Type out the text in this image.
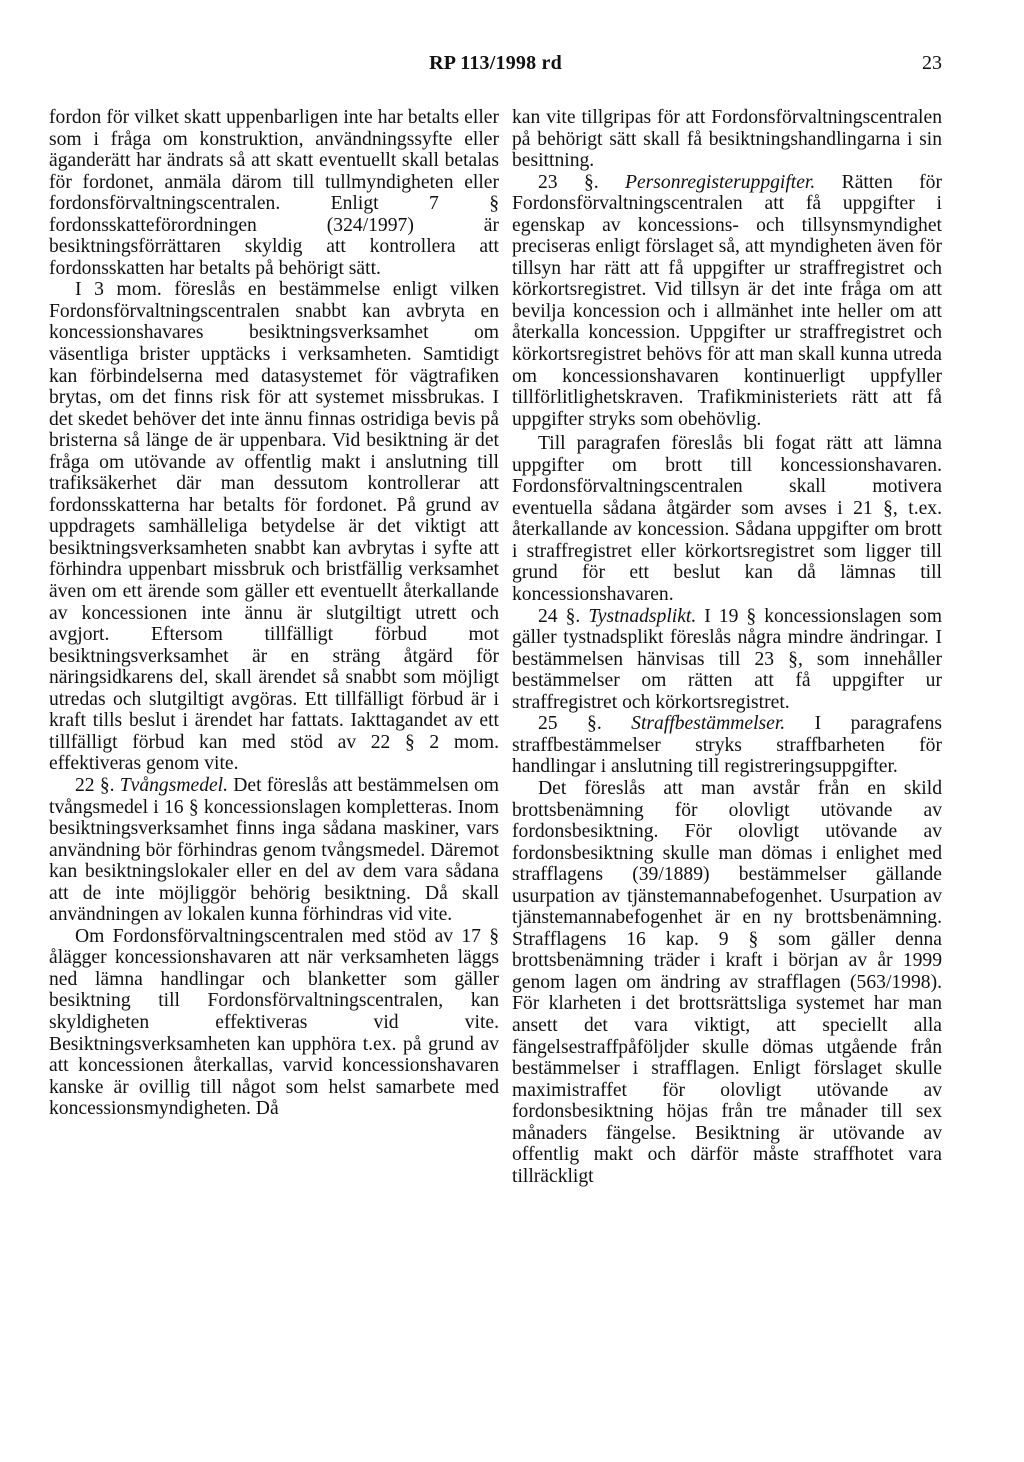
RP 113/1998 rd	23

fordon för vilket skatt uppenbarligen inte har betalts eller som i fråga om konstruktion, användningssyfte eller äganderätt har ändrats så att skatt eventuellt skall betalas för fordonet, anmäla därom till tullmyndigheten eller fordonsförvaltningscentralen. Enligt 7 § fordonsskatteförordningen (324/1997) är besiktningsförrättaren skyldig att kontrollera att fordonsskatten har betalts på behörigt sätt.

I 3 mom. föreslås en bestämmelse enligt vilken Fordonsförvaltningscentralen snabbt kan avbryta en koncessionshavares besiktningsverksamhet om väsentliga brister upptäcks i verksamheten. Samtidigt kan förbindelserna med datasystemet för vägtrafiken brytas, om det finns risk för att systemet missbrukas. I det skedet behöver det inte ännu finnas ostridiga bevis på bristerna så länge de är uppenbara. Vid besiktning är det fråga om utövande av offentlig makt i anslutning till trafiksäkerhet där man dessutom kontrollerar att fordonsskatterna har betalts för fordonet. På grund av uppdragets samhälleliga betydelse är det viktigt att besiktningsverksamheten snabbt kan avbrytas i syfte att förhindra uppenbart missbruk och bristfällig verksamhet även om ett ärende som gäller ett eventuellt återkallande av koncessionen inte ännu är slutgiltigt utrett och avgjort. Eftersom tillfälligt förbud mot besiktningsverksamhet är en sträng åtgärd för näringsidkarens del, skall ärendet så snabbt som möjligt utredas och slutgiltigt avgöras. Ett tillfälligt förbud är i kraft tills beslut i ärendet har fattats. Iakttagandet av ett tillfälligt förbud kan med stöd av 22 § 2 mom. effektiveras genom vite.

22 §. Tvångsmedel. Det föreslås att bestämmelsen om tvångsmedel i 16 § koncessionslagen kompletteras. Inom besiktningsverksamhet finns inga sådana maskiner, vars användning bör förhindras genom tvångsmedel. Däremot kan besiktningslokaler eller en del av dem vara sådana att de inte möjliggör behörig besiktning. Då skall användningen av lokalen kunna förhindras vid vite.

Om Fordonsförvaltningscentralen med stöd av 17 § ålägger koncessionshavaren att när verksamheten läggs ned lämna handlingar och blanketter som gäller besiktning till Fordonsförvaltningscentralen, kan skyldigheten effektiveras vid vite. Besiktningsverksamheten kan upphöra t.ex. på grund av att koncessionen återkallas, varvid koncessionshavaren kanske är ovillig till något som helst samarbete med koncessionsmyndigheten. Då

kan vite tillgripas för att Fordonsförvaltningscentralen på behörigt sätt skall få besiktningshandlingarna i sin besittning.

23 §. Personregisteruppgifter. Rätten för Fordonsförvaltningscentralen att få uppgifter i egenskap av koncessions- och tillsynsmyndighet preciseras enligt förslaget så, att myndigheten även för tillsyn har rätt att få uppgifter ur straffregistret och körkortsregistret. Vid tillsyn är det inte fråga om att bevilja koncession och i allmänhet inte heller om att återkalla koncession. Uppgifter ur straffregistret och körkortsregistret behövs för att man skall kunna utreda om koncessionshavaren kontinuerligt uppfyller tillförlitlighetskraven. Trafikministeriets rätt att få uppgifter stryks som obehövlig.

Till paragrafen föreslås bli fogat rätt att lämna uppgifter om brott till koncessionshavaren. Fordonsförvaltningscentralen skall motivera eventuella sådana åtgärder som avses i 21 §, t.ex. återkallande av koncession. Sådana uppgifter om brott i straffregistret eller körkortsregistret som ligger till grund för ett beslut kan då lämnas till koncessionshavaren.

24 §. Tystnadsplikt. I 19 § koncessionslagen som gäller tystnadsplikt föreslås några mindre ändringar. I bestämmelsen hänvisas till 23 §, som innehåller bestämmelser om rätten att få uppgifter ur straffregistret och körkortsregistret.

25 §. Straffbestämmelser. I paragrafens straffbestämmelser stryks straffbarheten för handlingar i anslutning till registreringsuppgifter.

Det föreslås att man avstår från en skild brottsbenämning för olovligt utövande av fordonsbesiktning. För olovligt utövande av fordonsbesiktning skulle man dömas i enlighet med strafflagens (39/1889) bestämmelser gällande usurpation av tjänstemannabefogenhet. Usurpation av tjänstemannabefogenhet är en ny brottsbenämning. Strafflagens 16 kap. 9 § som gäller denna brottsbenämning träder i kraft i början av år 1999 genom lagen om ändring av strafflagen (563/1998). För klarheten i det brottsrättsliga systemet har man ansett det vara viktigt, att speciellt alla fängelsestraffpåföljder skulle dömas utgående från bestämmelser i strafflagen. Enligt förslaget skulle maximistraffet för olovligt utövande av fordonsbesiktning höjas från tre månader till sex månaders fängelse. Besiktning är utövande av offentlig makt och därför måste straffhotet vara tillräckligt
